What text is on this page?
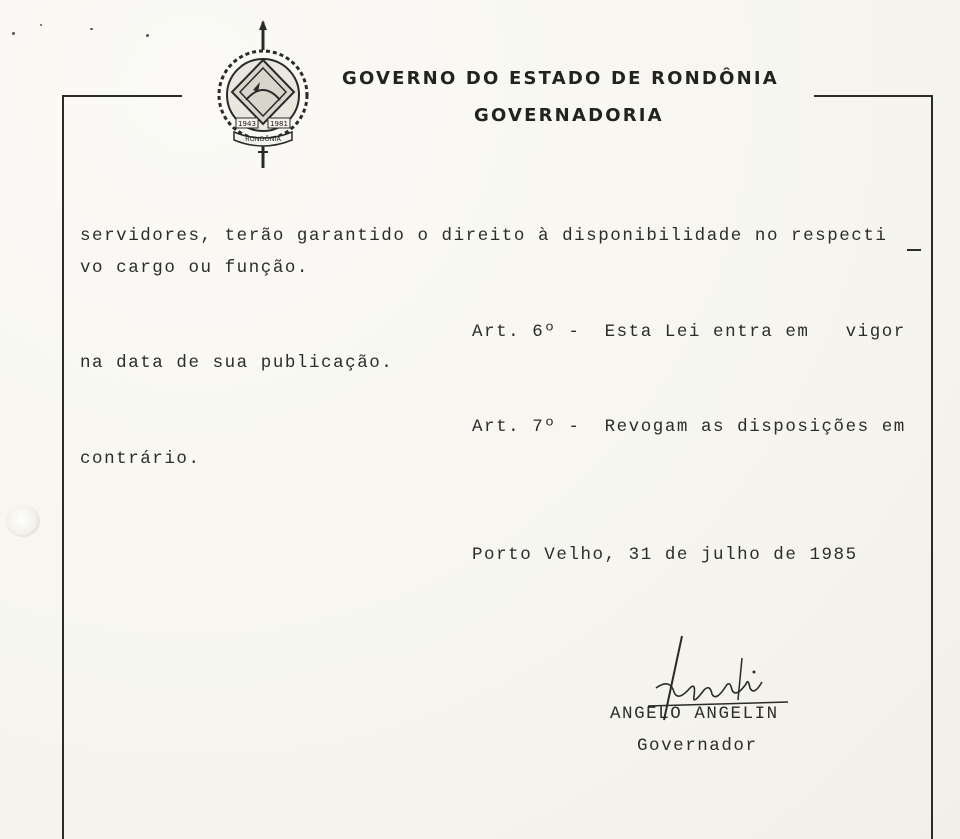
1943 1981
RONDÔNIA
GOVERNO DO ESTADO DE RONDÔNIA
GOVERNADORIA
servidores, terão garantido o direito à disponibilidade no respecti
vo cargo ou função.
Art. 6º -  Esta Lei entra em   vigor
na data de sua publicação.
Art. 7º -  Revogam as disposições em
contrário.
Porto Velho, 31 de julho de 1985
ANGELO ANGELIN
Governador
